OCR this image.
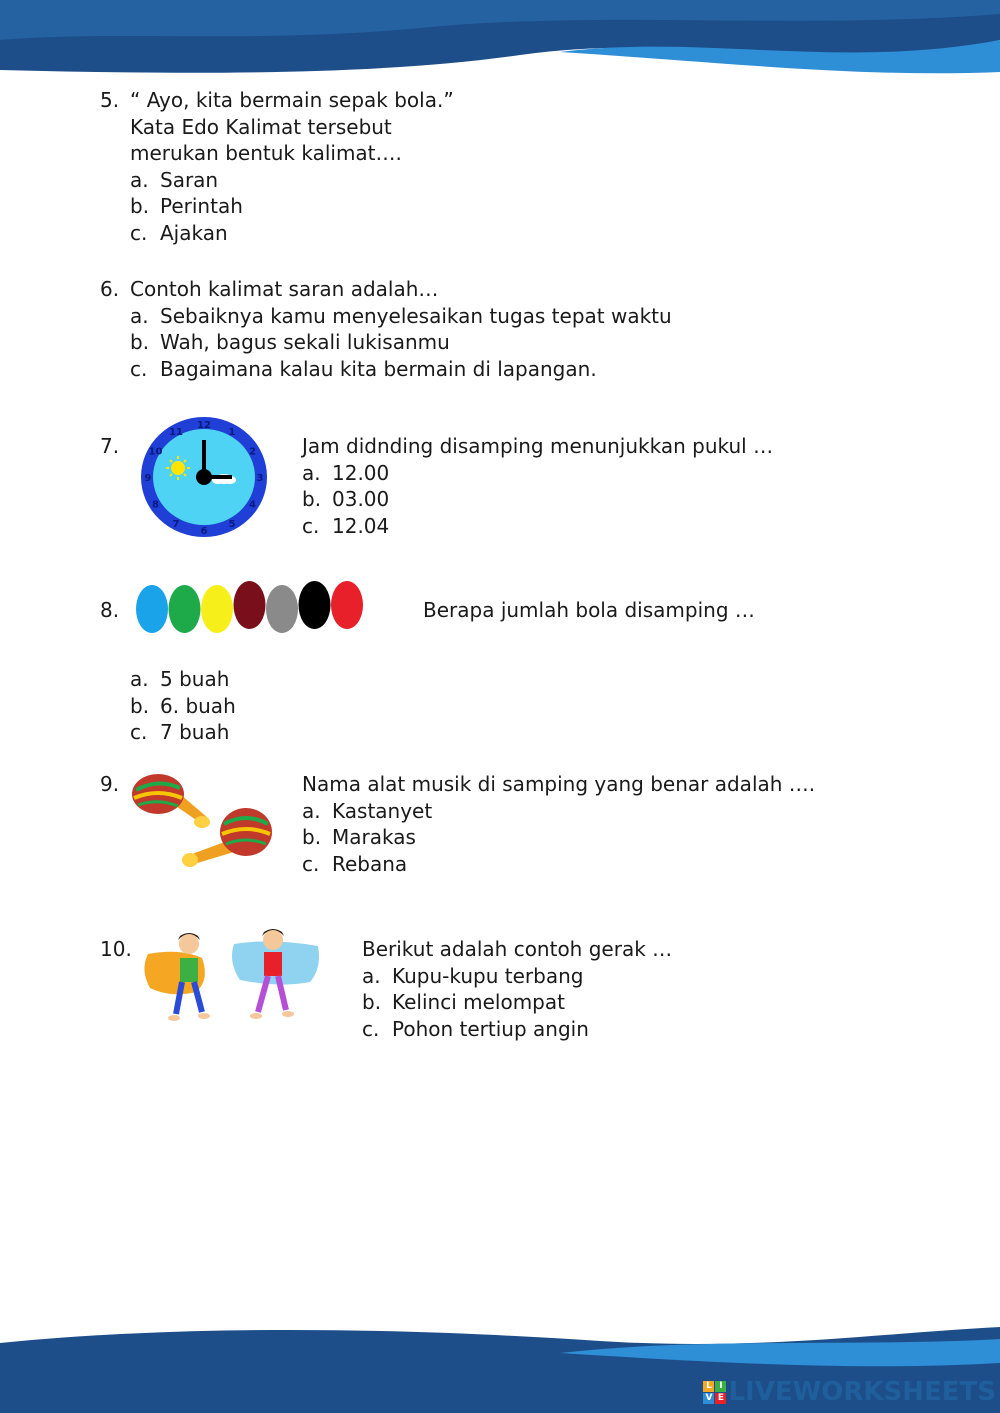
5. “ Ayo, kita bermain sepak bola.”
Kata Edo Kalimat tersebut
merukan bentuk kalimat….
a. Saran
b. Perintah
c. Ajakan
6. Contoh kalimat saran adalah…
a. Sebaiknya kamu menyelesaikan tugas tepat waktu
b. Wah, bagus sekali lukisanmu
c. Bagaimana kalau kita bermain di lapangan.
7.
12
1
2
3
4
5
6
7
8
9
10
11
Jam didnding disamping menunjukkan pukul …
a. 12.00
b. 03.00
c. 12.04
8.	Berapa jumlah bola disamping …
a. 5 buah
b. 6. buah
c. 7 buah
9.	Nama alat musik di samping yang benar adalah ….
a. Kastanyet
b. Marakas
c. Rebana
10.	Berikut adalah contoh gerak …
a. Kupu-kupu terbang
b. Kelinci melompat
c. Pohon tertiup angin
L I
V E LIVEWORKSHEETS
